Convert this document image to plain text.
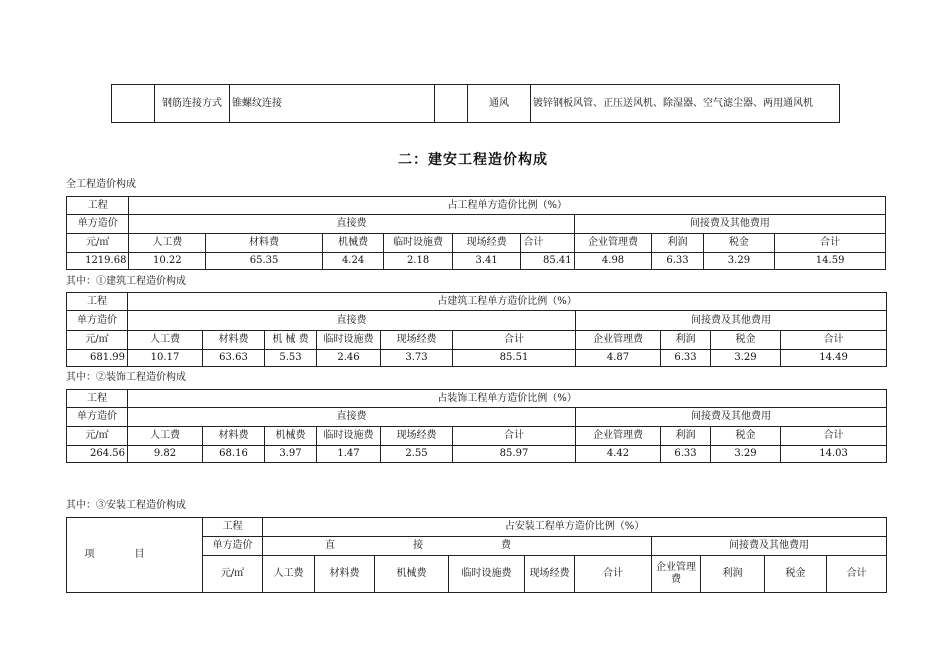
	钢筋连接方式	锥螺纹连接		通风	镀锌钢板风管、正压送风机、除湿器、空气滤尘器、两用通风机
二：建安工程造价构成
全工程造价构成
工程	占工程单方造价比例（%）									
单方造价	直接费						间接费及其他费用			
元/㎡	人工费	材料费	机械费	临时设施费	现场经费	合计	企业管理费	利润	税金	合计
1219.68	10.22	65.35	4.24	2.18	3.41	85.41	4.98	6.33	3.29	14.59
其中：①建筑工程造价构成
工程	占建筑工程单方造价比例（%）									
单方造价	直接费						间接费及其他费用			
元/㎡	人工费	材料费	机 械 费	临时设施费	现场经费	合计	企业管理费	利润	税金	合计
681.99	10.17	63.63	5.53	2.46	3.73	85.51	4.87	6.33	3.29	14.49
其中：②装饰工程造价构成
工程	占装饰工程单方造价比例（%）									
单方造价	直接费						间接费及其他费用			
元/㎡	人工费	材料费	机械费	临时设施费	现场经费	合计	企业管理费	利润	税金	合计
264.56	9.82	68.16	3.97	1.47	2.55	85.97	4.42	6.33	3.29	14.03
其中：③安装工程造价构成
项目	工程	占安装工程单方造价比例（%）									
	单方造价	直接费						间接费及其他费用			
	元/㎡	人工费	材料费	机械费	临时设施费	现场经费	合计	企业管理费	利润	税金	合计
